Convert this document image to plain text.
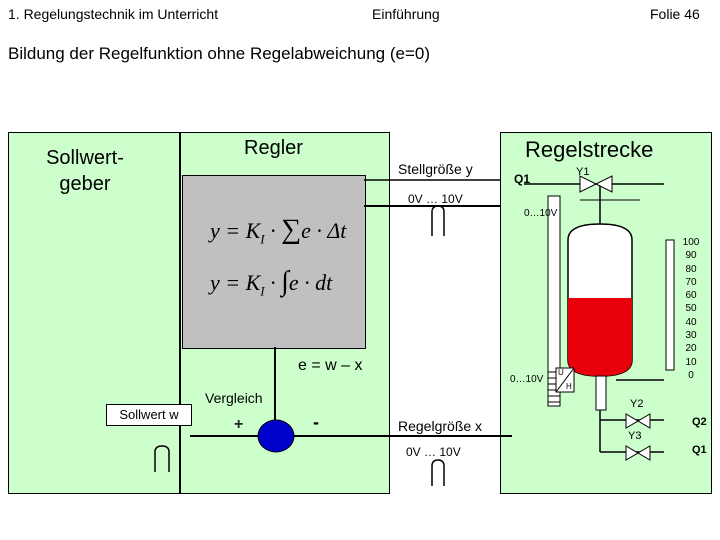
1. Regelungstechnik im Unterricht	Einführung	Folie 46
Bildung der Regelfunktion ohne Regelabweichung (e=0)
Sollwert-
geber
Regler	Regelstrecke
Stellgröße y
0V … 10V
Regelgröße x
0V … 10V
Vergleich
Sollwert w
+	-
e = w – x
$y = K_I \cdot \sum e \cdot \Delta t$
$y = K_I \cdot \int e$ · dt
Q1	Y1
Y2
Y3
Q2
Q1
0…10V
0…10V
U
H
100
90
80
70
60
50
40
30
20
10
0
